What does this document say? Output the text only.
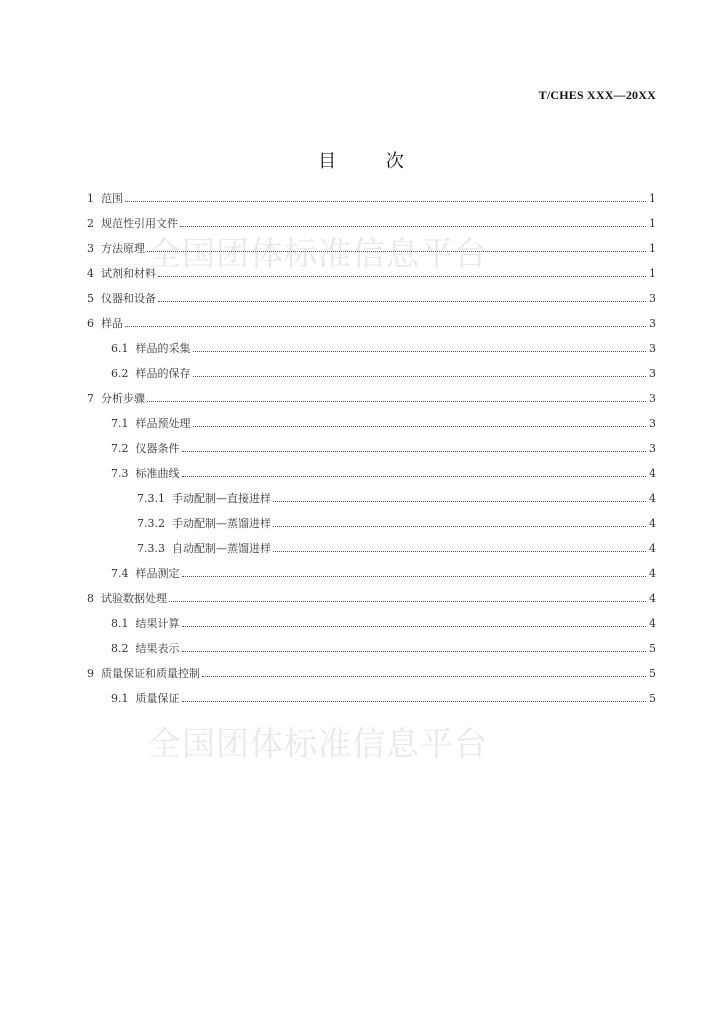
全国团体标准信息平台
全国团体标准信息平台
T/CHES XXX—20XX
目 次
1 范围	1
2 规范性引用文件	1
3 方法原理	1
4 试剂和材料	1
5 仪器和设备	3
6 样品	3
6.1 样品的采集	3
6.2 样品的保存	3
7 分析步骤	3
7.1 样品预处理	3
7.2 仪器条件	3
7.3 标准曲线	4
7.3.1 手动配制—直接进样	4
7.3.2 手动配制—蒸馏进样	4
7.3.3 自动配制—蒸馏进样	4
7.4 样品测定	4
8 试验数据处理	4
8.1 结果计算	4
8.2 结果表示	5
9 质量保证和质量控制	5
9.1 质量保证	5
